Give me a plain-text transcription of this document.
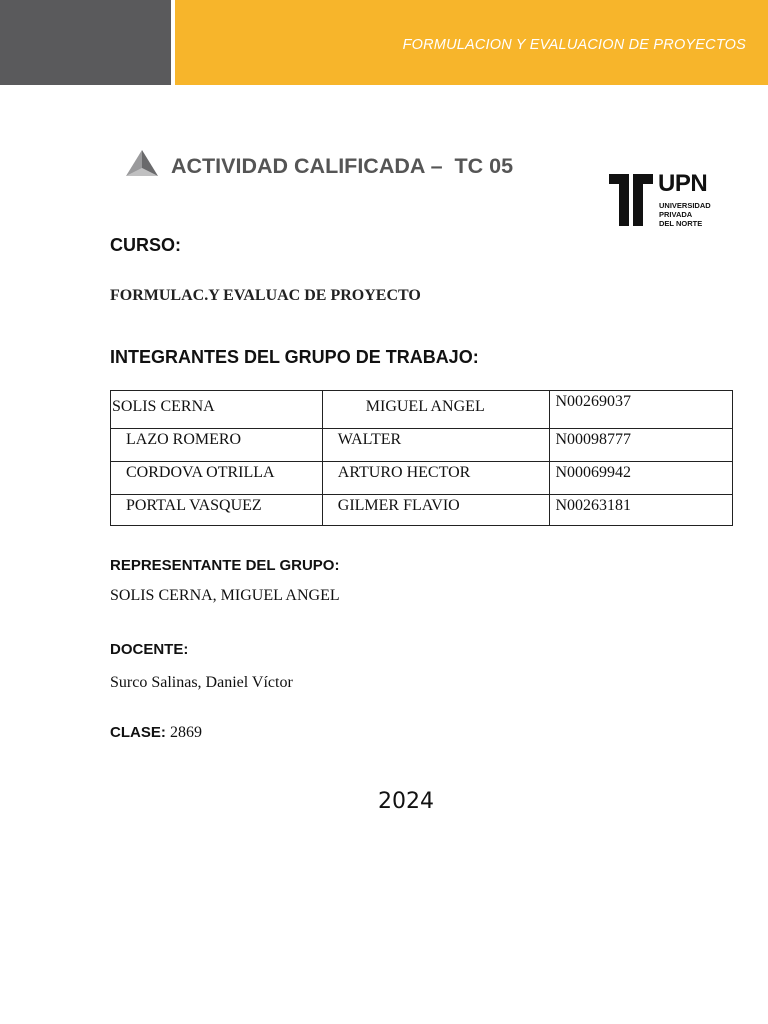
FORMULACION Y EVALUACION DE PROYECTOS
ACTIVIDAD CALIFICADA –  TC 05
UPN
UNIVERSIDAD
PRIVADA
DEL NORTE
CURSO:
FORMULAC.Y EVALUAC DE PROYECTO
INTEGRANTES DEL GRUPO DE TRABAJO:
SOLIS CERNA	MIGUEL ANGEL	N00269037
LAZO ROMERO	WALTER	N00098777
CORDOVA OTRILLA	ARTURO HECTOR	N00069942
PORTAL VASQUEZ	GILMER FLAVIO	N00263181
REPRESENTANTE DEL GRUPO:
SOLIS CERNA, MIGUEL ANGEL
DOCENTE:
Surco Salinas, Daniel Víctor
CLASE: 2869
2024
